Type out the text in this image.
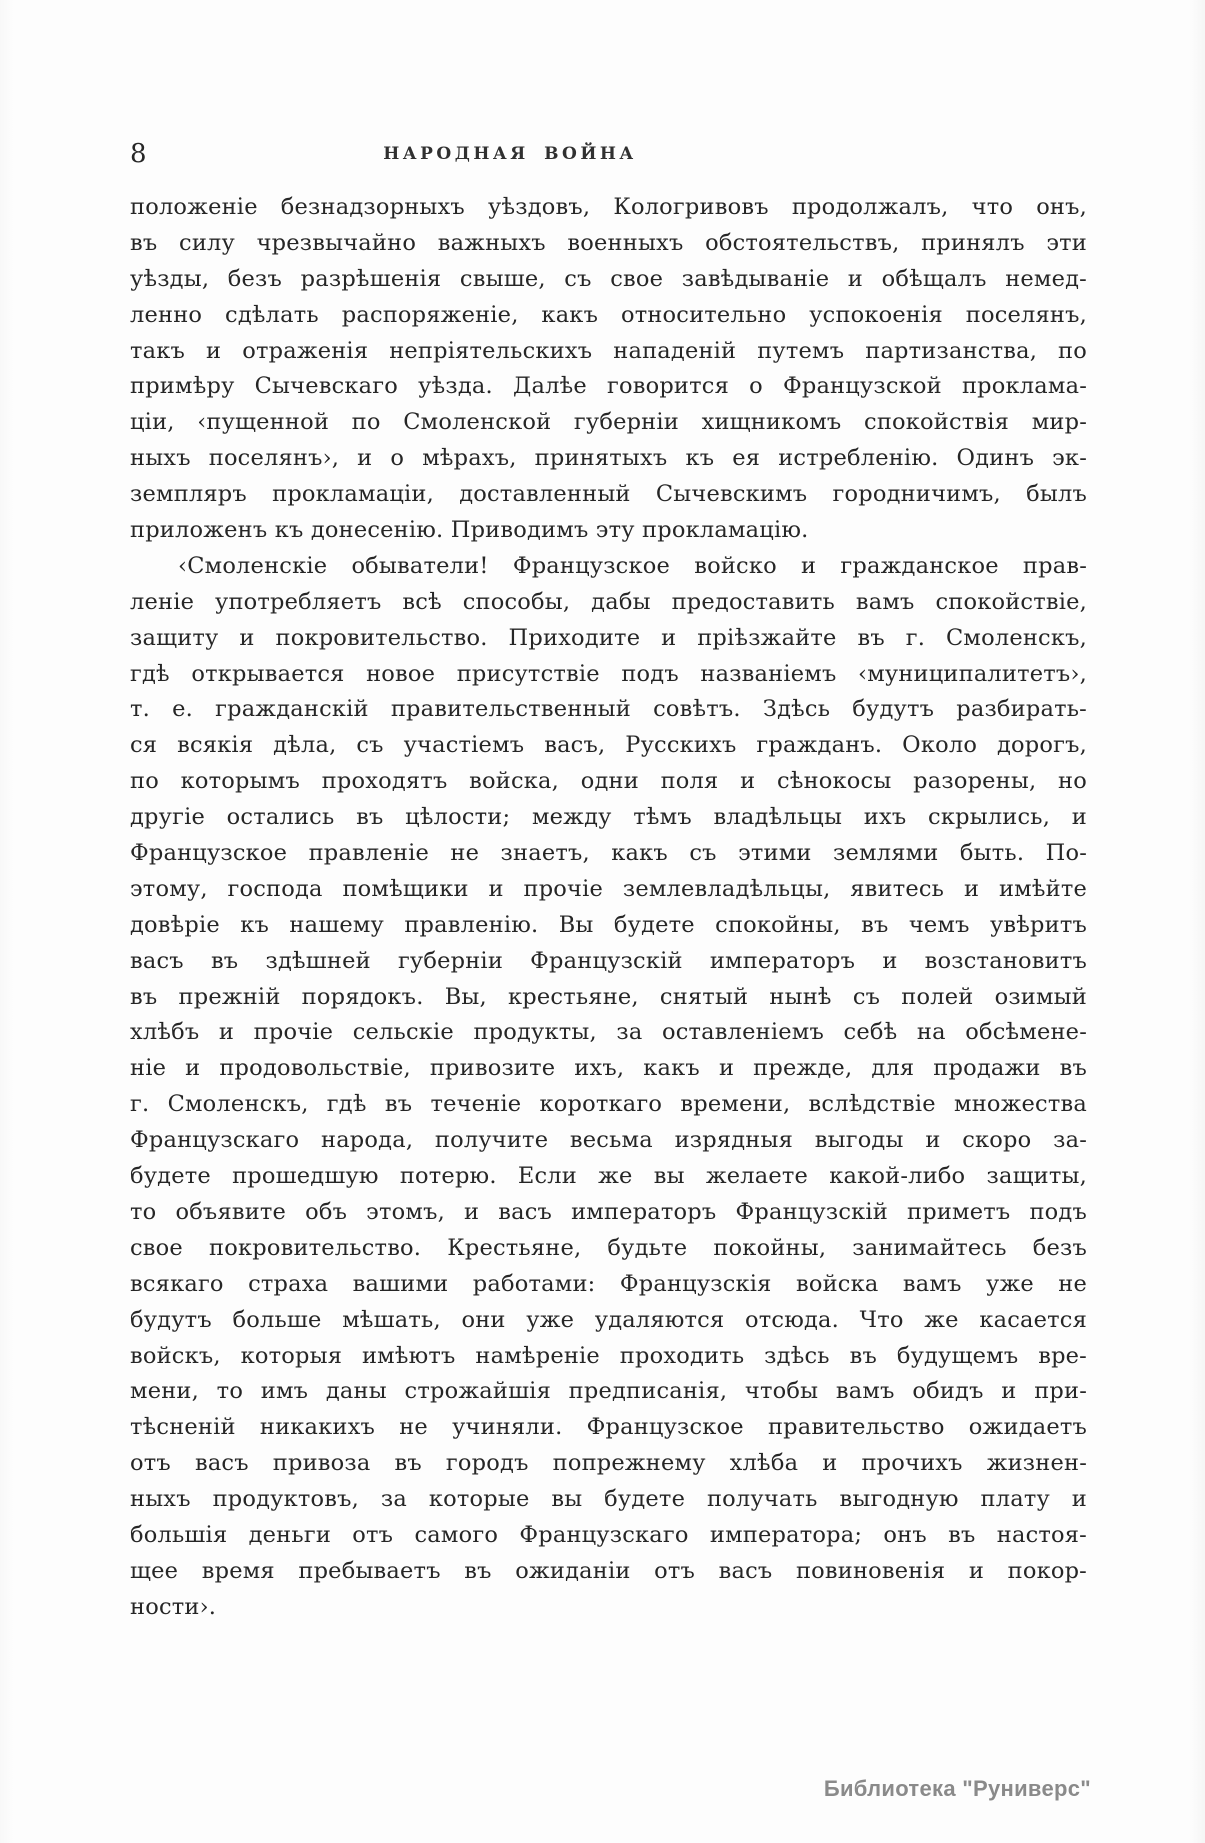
8	НАРОДНАЯ ВОЙНА
положеніе безнадзорныхъ уѣздовъ, Кологривовъ продолжалъ, что онъ,
въ силу чрезвычайно важныхъ военныхъ обстоятельствъ, принялъ эти
уѣзды, безъ разрѣшенія свыше, съ свое завѣдываніе и обѣщалъ немед-
ленно сдѣлать распоряженіе, какъ относительно успокоенія поселянъ,
такъ и отраженія непріятельскихъ нападеній путемъ партизанства, по
примѣру Сычевскаго уѣзда. Далѣе говорится о Французской проклама-
ціи, ‹пущенной по Смоленской губерніи хищникомъ спокойствія мир-
ныхъ поселянъ›, и о мѣрахъ, принятыхъ къ ея истребленію. Одинъ эк-
земпляръ прокламаціи, доставленный Сычевскимъ городничимъ, былъ
приложенъ къ донесенію. Приводимъ эту прокламацію.
‹Смоленскіе обыватели! Французское войско и гражданское прав-
леніе употребляетъ всѣ способы, дабы предоставить вамъ спокойствіе,
защиту и покровительство. Приходите и пріѣзжайте въ г. Смоленскъ,
гдѣ открывается новое присутствіе подъ названіемъ ‹муниципалитетъ›,
т. е. гражданскій правительственный совѣтъ. Здѣсь будутъ разбирать-
ся всякія дѣла, съ участіемъ васъ, Русскихъ гражданъ. Около дорогъ,
по которымъ проходятъ войска, одни поля и сѣнокосы разорены, но
другіе остались въ цѣлости; между тѣмъ владѣльцы ихъ скрылись, и
Французское правленіе не знаетъ, какъ съ этими землями быть. По-
этому, господа помѣщики и прочіе землевладѣльцы, явитесь и имѣйте
довѣріе къ нашему правленію. Вы будете спокойны, въ чемъ увѣритъ
васъ въ здѣшней губерніи Французскій императоръ и возстановитъ
въ прежній порядокъ. Вы, крестьяне, снятый нынѣ съ полей озимый
хлѣбъ и прочіе сельскіе продукты, за оставленіемъ себѣ на обсѣмене-
ніе и продовольствіе, привозите ихъ, какъ и прежде, для продажи въ
г. Смоленскъ, гдѣ въ теченіе короткаго времени, вслѣдствіе множества
Французскаго народа, получите весьма изрядныя выгоды и скоро за-
будете прошедшую потерю. Если же вы желаете какой-либо защиты,
то объявите объ этомъ, и васъ императоръ Французскій приметъ подъ
свое покровительство. Крестьяне, будьте покойны, занимайтесь безъ
всякаго страха вашими работами: Французскія войска вамъ уже не
будутъ больше мѣшать, они уже удаляются отсюда. Что же касается
войскъ, которыя имѣютъ намѣреніе проходить здѣсь въ будущемъ вре-
мени, то имъ даны строжайшія предписанія, чтобы вамъ обидъ и при-
тѣсненій никакихъ не учиняли. Французское правительство ожидаетъ
отъ васъ привоза въ городъ попрежнему хлѣба и прочихъ жизнен-
ныхъ продуктовъ, за которые вы будете получать выгодную плату и
большія деньги отъ самого Французскаго императора; онъ въ настоя-
щее время пребываетъ въ ожиданіи отъ васъ повиновенія и покор-
ности›.
Библиотека "Руниверс"
